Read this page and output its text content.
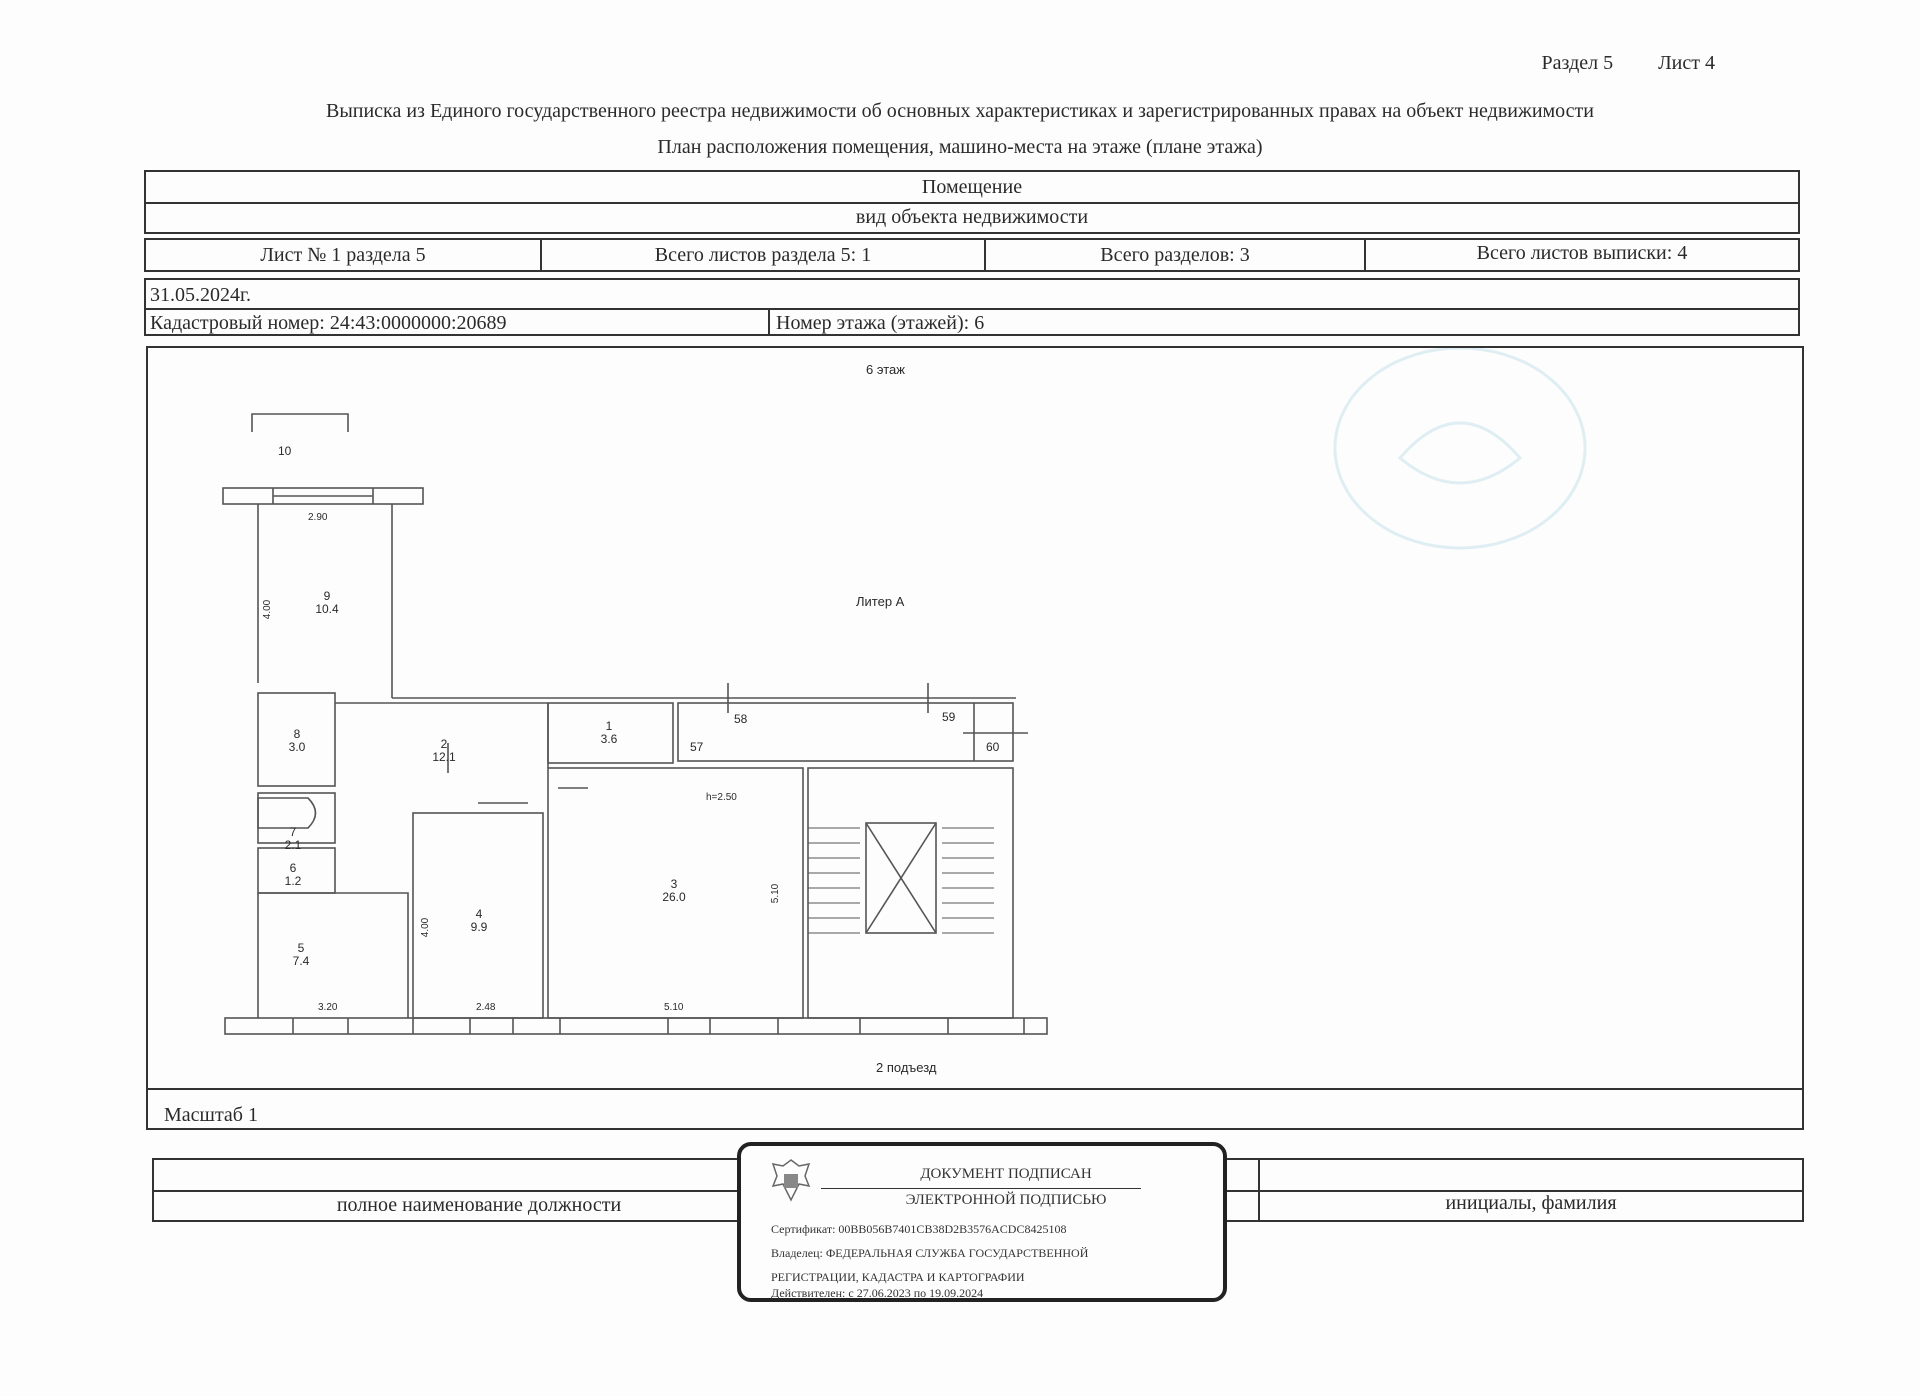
Раздел 5 Лист 4
Выписка из Единого государственного реестра недвижимости об основных характеристиках и зарегистрированных правах на объект недвижимости
План расположения помещения, машино-места на этаже (плане этажа)
Помещение
вид объекта недвижимости
Лист № 1 раздела 5	Всего листов раздела 5: 1	Всего разделов: 3	Всего листов выписки: 4
31.05.2024г.
Кадастровый номер: 24:43:0000000:20689	Номер этажа (этажей): 6
Масштаб 1
6 этаж
Литер А
2 подъезд
h=2.50
2.90
4.00
4.00
5.10
3.20	2.48	5.10
10
9
10.4
8
3.0	2
12.1
1
3.6
7
2.1
6
1.2
5
7.4
4
9.9
3
26.0
58	59
57	60
полное наименование должности	инициалы, фамилия
ДОКУМЕНТ ПОДПИСАН
ЭЛЕКТРОННОЙ ПОДПИСЬЮ
Сертификат: 00BB056B7401CB38D2B3576ACDC8425108
Владелец: ФЕДЕРАЛЬНАЯ СЛУЖБА ГОСУДАРСТВЕННОЙ
РЕГИСТРАЦИИ, КАДАСТРА И КАРТОГРАФИИ
Действителен: с 27.06.2023 по 19.09.2024
